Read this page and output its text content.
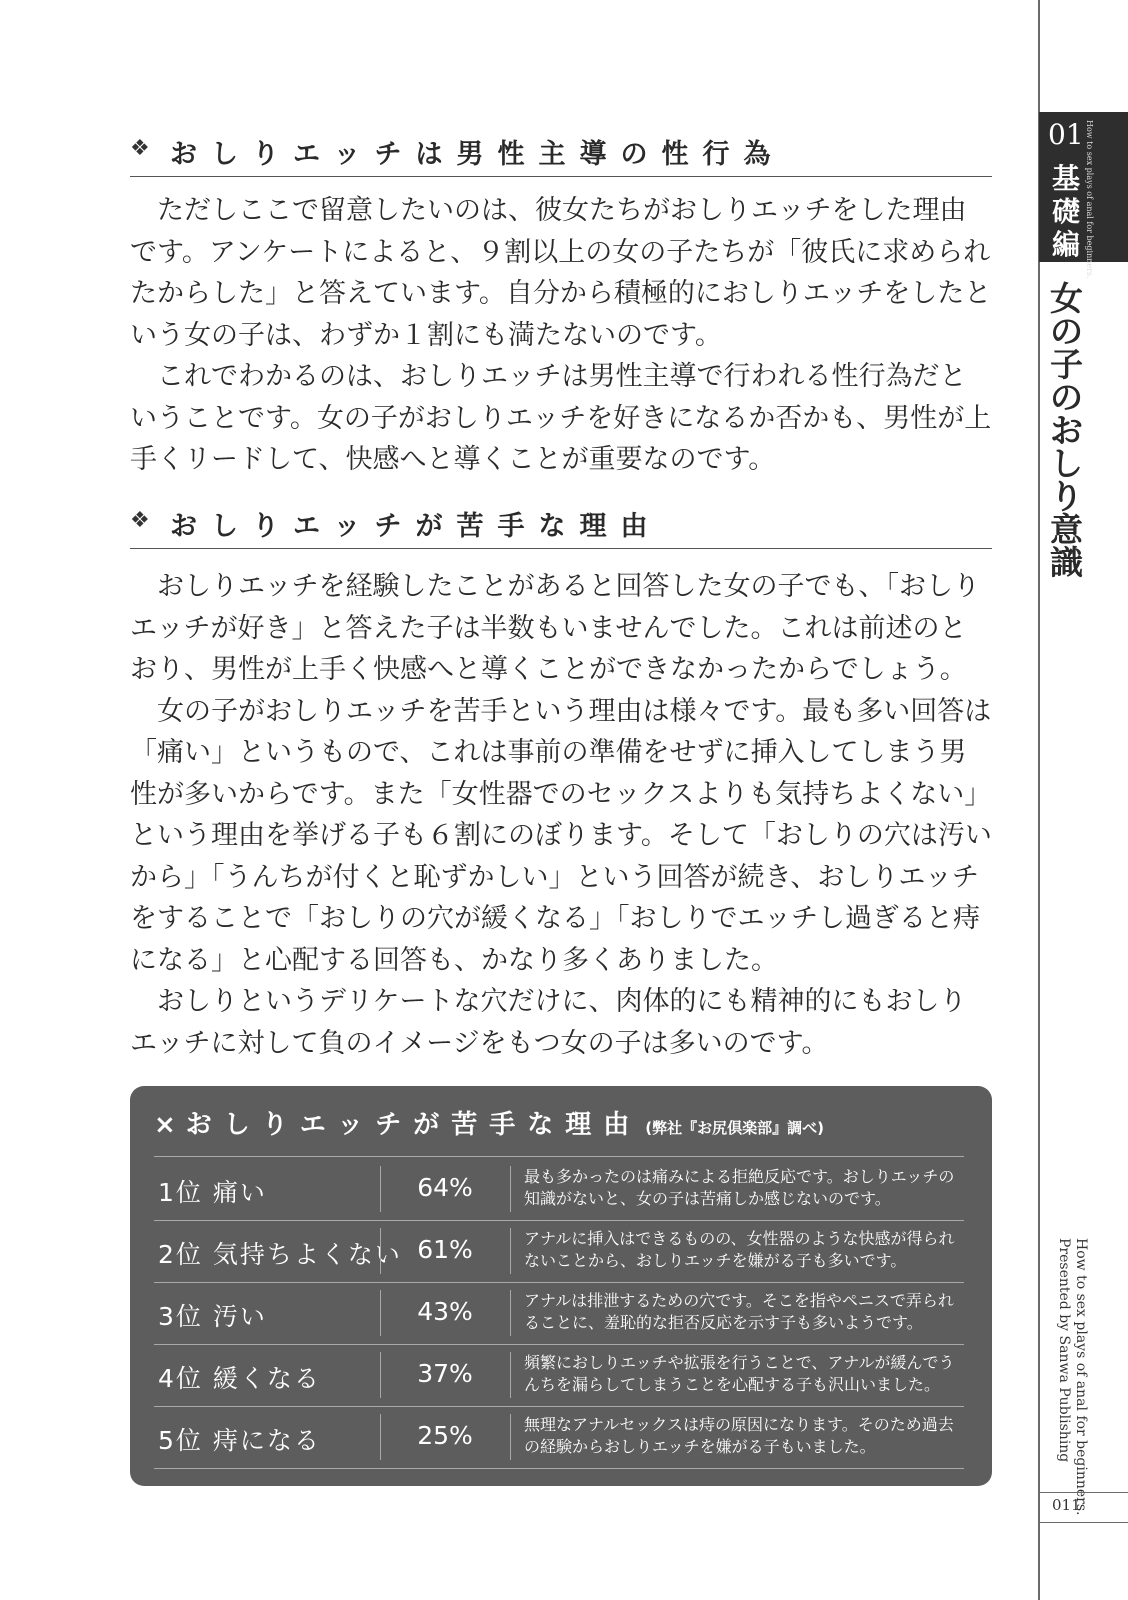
❖ おしりエッチは男性主導の性行為

ただしここで留意したいのは、彼女たちがおしりエッチをした理由です。アンケートによると、９割以上の女の子たちが「彼氏に求められたからした」と答えています。自分から積極的におしりエッチをしたという女の子は、わずか１割にも満たないのです。

これでわかるのは、おしりエッチは男性主導で行われる性行為だということです。女の子がおしりエッチを好きになるか否かも、男性が上手くリードして、快感へと導くことが重要なのです。

❖ おしりエッチが苦手な理由

おしりエッチを経験したことがあると回答した女の子でも、「おしりエッチが好き」と答えた子は半数もいませんでした。これは前述のとおり、男性が上手く快感へと導くことができなかったからでしょう。

女の子がおしりエッチを苦手という理由は様々です。最も多い回答は「痛い」というもので、これは事前の準備をせずに挿入してしまう男性が多いからです。また「女性器でのセックスよりも気持ちよくない」という理由を挙げる子も６割にのぼります。そして「おしりの穴は汚いから」「うんちが付くと恥ずかしい」という回答が続き、おしりエッチをすることで「おしりの穴が緩くなる」「おしりでエッチし過ぎると痔になる」と心配する回答も、かなり多くありました。

おしりというデリケートな穴だけに、肉体的にも精神的にもおしりエッチに対して負のイメージをもつ女の子は多いのです。

× おしりエッチが苦手な理由 (弊社『お尻倶楽部』調べ)
1位 痛い	64%	最も多かったのは痛みによる拒絶反応です。おしりエッチの知識がないと、女の子は苦痛しか感じないのです。
2位 気持ちよくない 61%	アナルに挿入はできるものの、女性器のような快感が得られないことから、おしりエッチを嫌がる子も多いです。
3位 汚い	43%	アナルは排泄するための穴です。そこを指やペニスで弄られることに、羞恥的な拒否反応を示す子も多いようです。
4位 緩くなる	37%	頻繁におしりエッチや拡張を行うことで、アナルが緩んでうんちを漏らしてしまうことを心配する子も沢山いました。
5位 痔になる	25%	無理なアナルセックスは痔の原因になります。そのため過去の経験からおしりエッチを嫌がる子もいました。
01
基礎編 How to sex plays of anal for beginners.
女の子のおしり意識
How to sex plays of anal for beginners.
Presented by Sanwa Publishing
011
